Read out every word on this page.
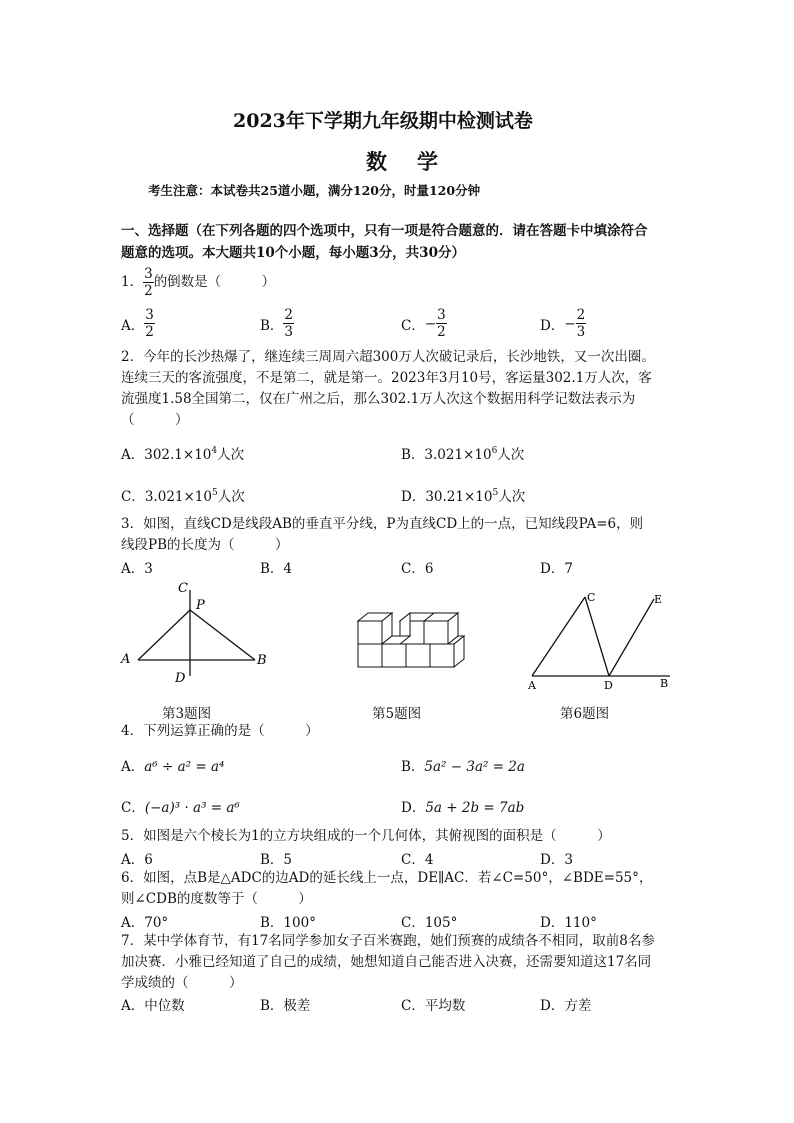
2023年下学期九年级期中检测试卷
数学
考生注意：本试卷共25道小题，满分120分，时量120分钟
一、选择题（在下列各题的四个选项中，只有一项是符合题意的．请在答题卡中填涂符合
题意的选项。本大题共10个小题，每小题3分，共30分）
1． $\frac{3}{2}$ 的倒数是（　　　）
A． $\frac{3}{2}$	B． $\frac{2}{3}$	C． − $\frac{3}{2}$	D． − $\frac{2}{3}$
2．今年的长沙热爆了，继连续三周周六超300万人次破记录后，长沙地铁，又一次出圈。
连续三天的客流强度，不是第二，就是第一。2023年3月10号，客运量302.1万人次，客
流强度1.58全国第二，仅在广州之后，那么302.1万人次这个数据用科学记数法表示为
（　　　）
A．$302.1\times 10^4$人次	B．$3.021\times 10^6$人次
C．$3.021\times 10^5$人次	D．$30.21\times 10^5$人次
3．如图，直线CD是线段AB的垂直平分线，P为直线CD上的一点，已知线段PA=6，则
线段PB的长度为（　　　）
A．3	B．4	C．6	D．7
C
P
A	B
D
第3题图	第5题图
C	E
A	D	B
第6题图
4．下列运算正确的是（　　　）
A．a⁶ ÷ a² = a⁴	B．5a² − 3a² = 2a
C．(−a)³ · a³ = a⁶	D．5a + 2b = 7ab
5．如图是六个棱长为1的立方块组成的一个几何体，其俯视图的面积是（　　　）
A．6	B．5	C．4	D．3
6．如图，点B是△ADC的边AD的延长线上一点，DE∥AC．若∠C=50°，∠BDE=55°，
则∠CDB的度数等于（　　　）
A．70°	B．100°	C．105°	D．110°
7．某中学体育节，有17名同学参加女子百米赛跑，她们预赛的成绩各不相同，取前8名参
加决赛．小雅已经知道了自己的成绩，她想知道自己能否进入决赛，还需要知道这17名同
学成绩的（　　　）
A．中位数	B．极差	C．平均数	D．方差
